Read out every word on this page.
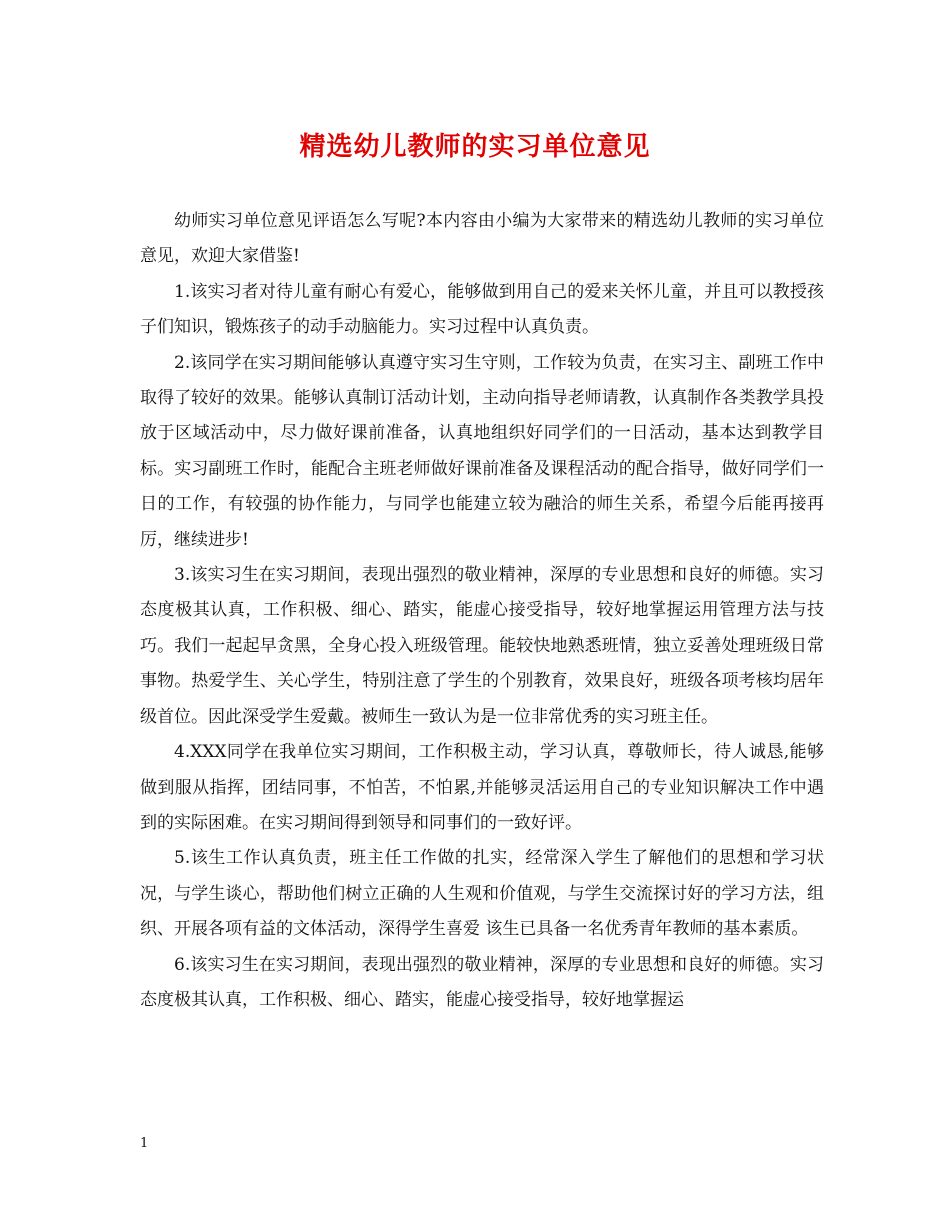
精选幼儿教师的实习单位意见

幼师实习单位意见评语怎么写呢?本内容由小编为大家带来的精选幼儿教师的实习单位意见，欢迎大家借鉴!

1.该实习者对待儿童有耐心有爱心，能够做到用自己的爱来关怀儿童，并且可以教授孩子们知识，锻炼孩子的动手动脑能力。实习过程中认真负责。

2.该同学在实习期间能够认真遵守实习生守则，工作较为负责，在实习主、副班工作中取得了较好的效果。能够认真制订活动计划，主动向指导老师请教，认真制作各类教学具投放于区域活动中，尽力做好课前准备，认真地组织好同学们的一日活动，基本达到教学目标。实习副班工作时，能配合主班老师做好课前准备及课程活动的配合指导，做好同学们一日的工作，有较强的协作能力，与同学也能建立较为融洽的师生关系，希望今后能再接再厉，继续进步!

3.该实习生在实习期间，表现出强烈的敬业精神，深厚的专业思想和良好的师德。实习态度极其认真，工作积极、细心、踏实，能虚心接受指导，较好地掌握运用管理方法与技巧。我们一起起早贪黑，全身心投入班级管理。能较快地熟悉班情，独立妥善处理班级日常事物。热爱学生、关心学生，特别注意了学生的个别教育，效果良好，班级各项考核均居年级首位。因此深受学生爱戴。被师生一致认为是一位非常优秀的实习班主任。

4.XXX同学在我单位实习期间，工作积极主动，学习认真，尊敬师长，待人诚恳,能够做到服从指挥，团结同事，不怕苦，不怕累,并能够灵活运用自己的专业知识解决工作中遇到的实际困难。在实习期间得到领导和同事们的一致好评。

5.该生工作认真负责，班主任工作做的扎实，经常深入学生了解他们的思想和学习状况，与学生谈心，帮助他们树立正确的人生观和价值观，与学生交流探讨好的学习方法，组织、开展各项有益的文体活动，深得学生喜爱 该生已具备一名优秀青年教师的基本素质。

6.该实习生在实习期间，表现出强烈的敬业精神，深厚的专业思想和良好的师德。实习态度极其认真，工作积极、细心、踏实，能虚心接受指导，较好地掌握运

1
